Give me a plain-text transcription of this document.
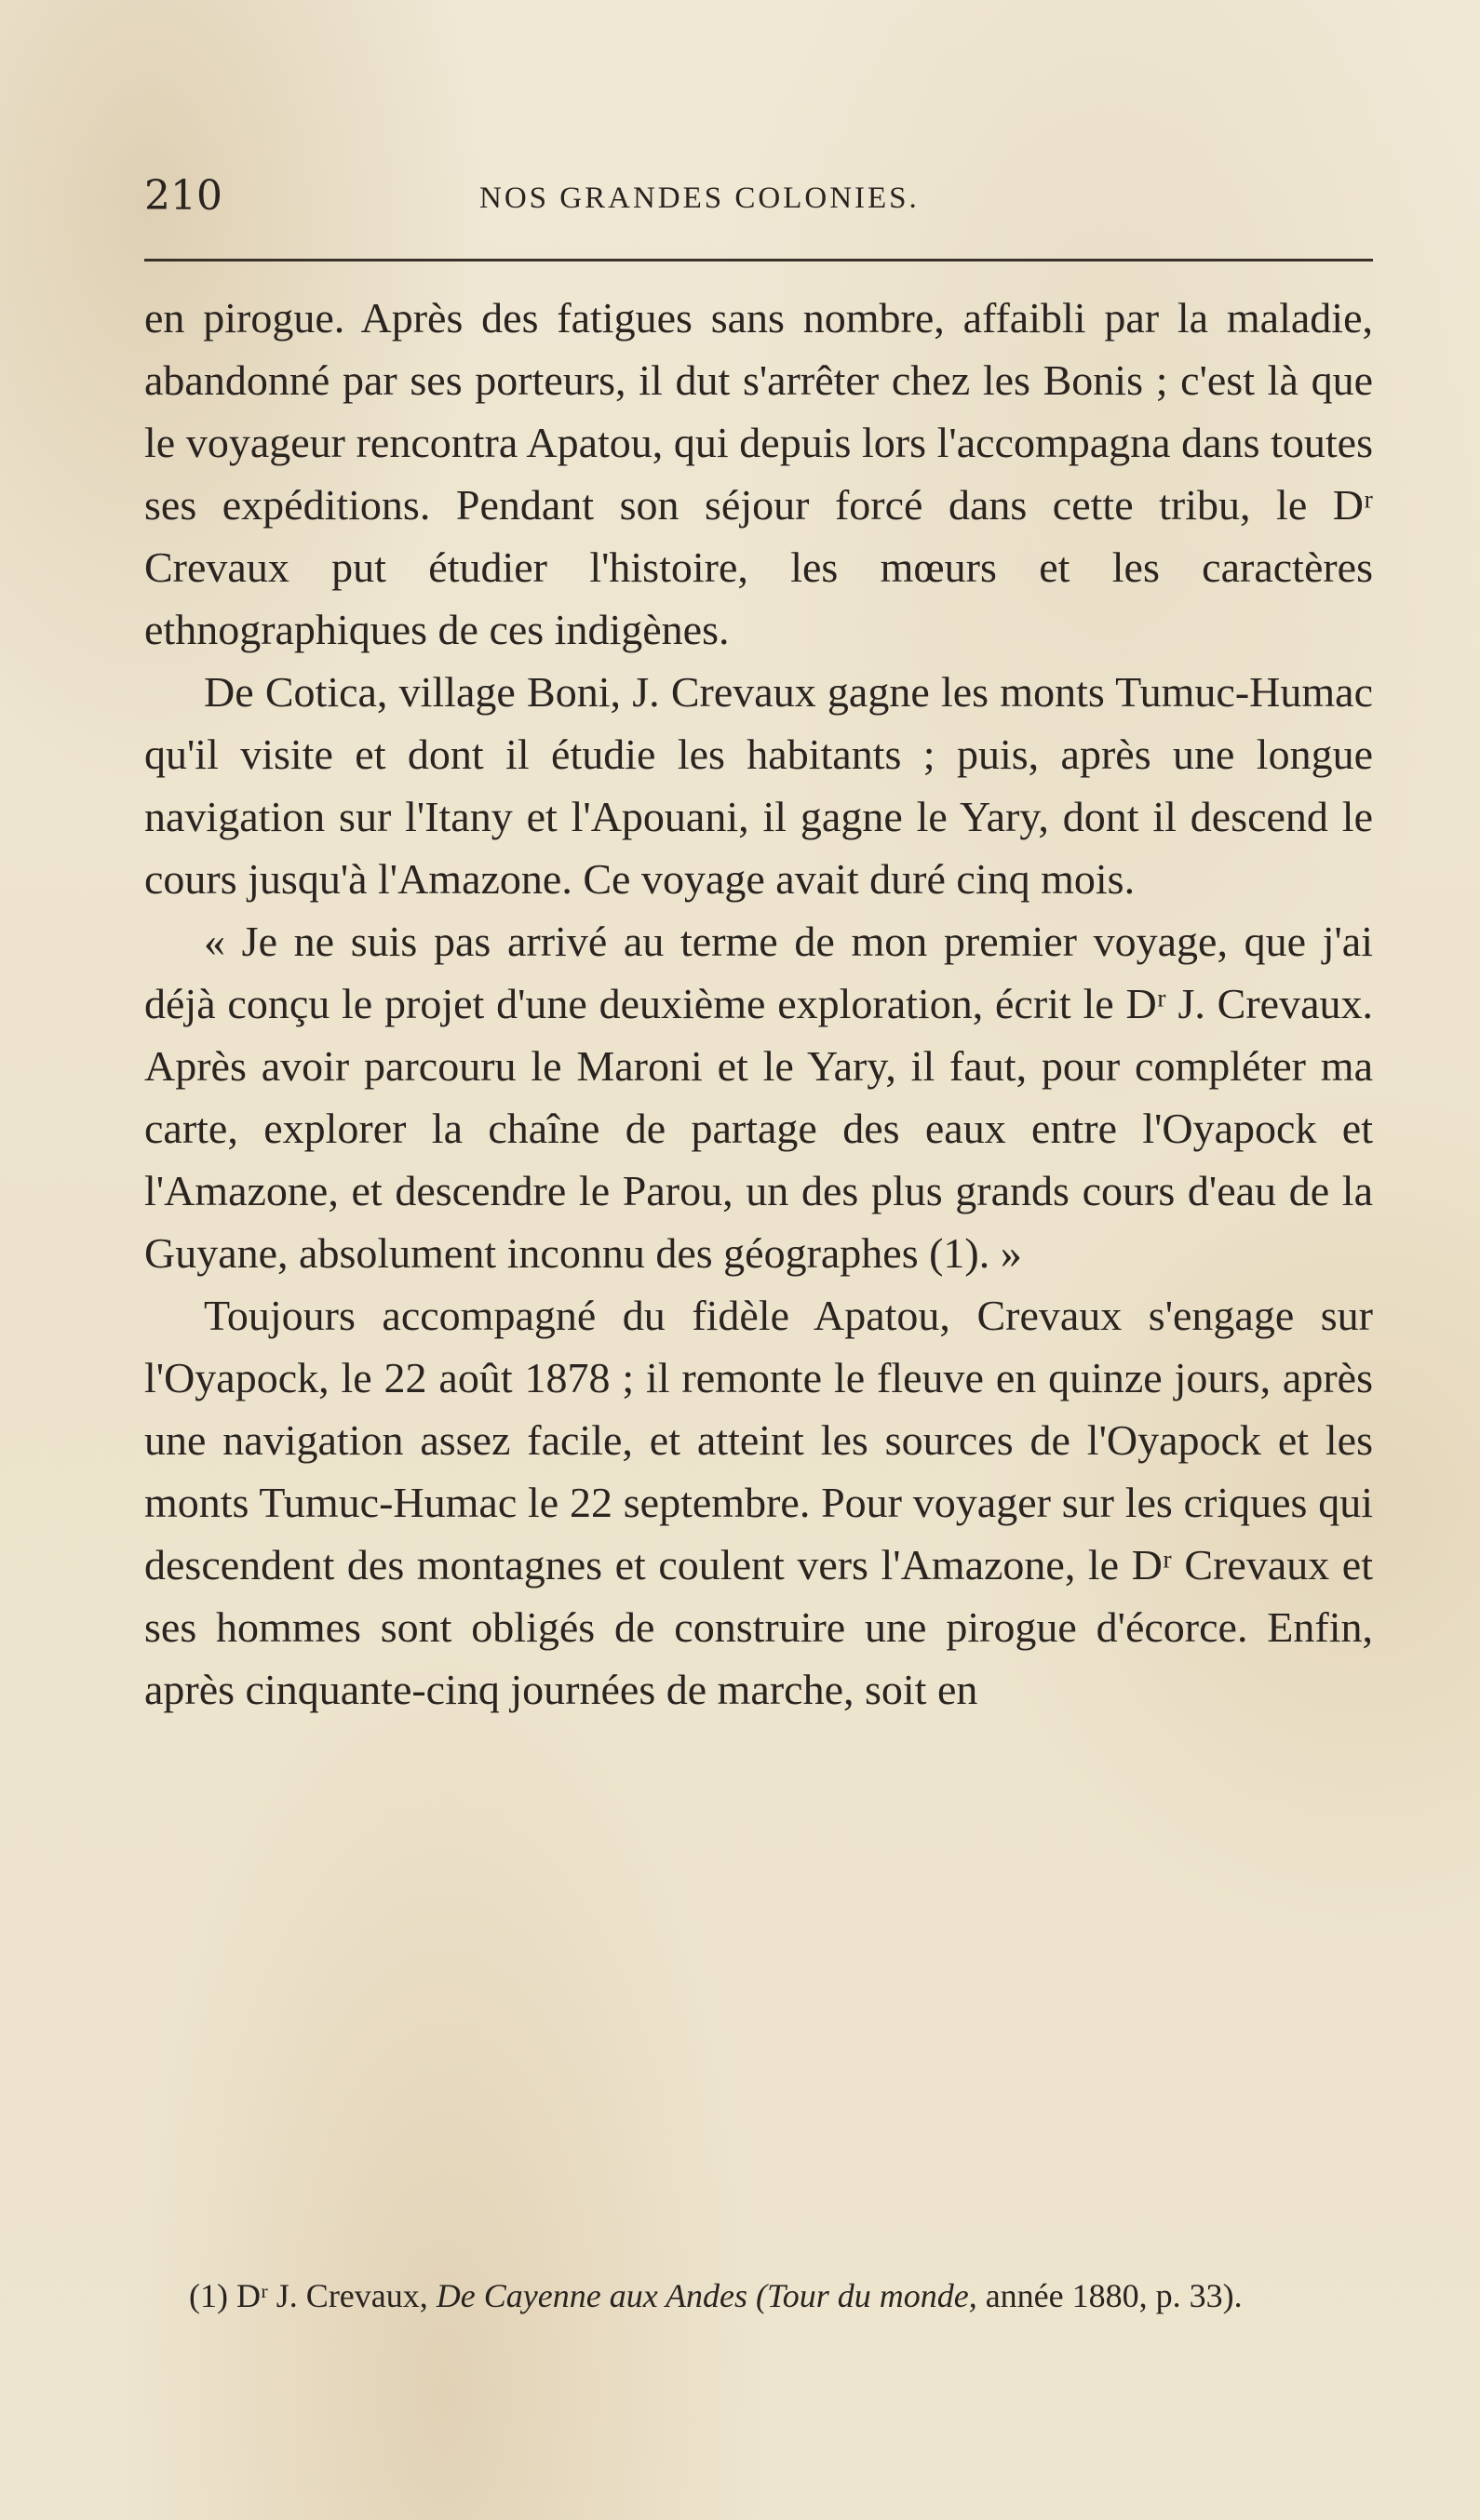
210	NOS GRANDES COLONIES.

en pirogue. Après des fatigues sans nombre, affaibli par la maladie, abandonné par ses porteurs, il dut s'arrêter chez les Bonis ; c'est là que le voyageur rencontra Apatou, qui depuis lors l'accompagna dans toutes ses expéditions. Pendant son séjour forcé dans cette tribu, le Dʳ Crevaux put étudier l'histoire, les mœurs et les caractères ethnographiques de ces indigènes.

De Cotica, village Boni, J. Crevaux gagne les monts Tumuc-Humac qu'il visite et dont il étudie les habitants ; puis, après une longue navigation sur l'Itany et l'Apouani, il gagne le Yary, dont il descend le cours jusqu'à l'Amazone. Ce voyage avait duré cinq mois.

« Je ne suis pas arrivé au terme de mon premier voyage, que j'ai déjà conçu le projet d'une deuxième exploration, écrit le Dʳ J. Crevaux. Après avoir parcouru le Maroni et le Yary, il faut, pour compléter ma carte, explorer la chaîne de partage des eaux entre l'Oyapock et l'Amazone, et descendre le Parou, un des plus grands cours d'eau de la Guyane, absolument inconnu des géographes (1). »

Toujours accompagné du fidèle Apatou, Crevaux s'engage sur l'Oyapock, le 22 août 1878 ; il remonte le fleuve en quinze jours, après une navigation assez facile, et atteint les sources de l'Oyapock et les monts Tumuc-Humac le 22 septembre. Pour voyager sur les criques qui descendent des montagnes et coulent vers l'Amazone, le Dʳ Crevaux et ses hommes sont obligés de construire une pirogue d'écorce. Enfin, après cinquante-cinq journées de marche, soit en

(1) Dʳ J. Crevaux, De Cayenne aux Andes (Tour du monde, année 1880, p. 33).
